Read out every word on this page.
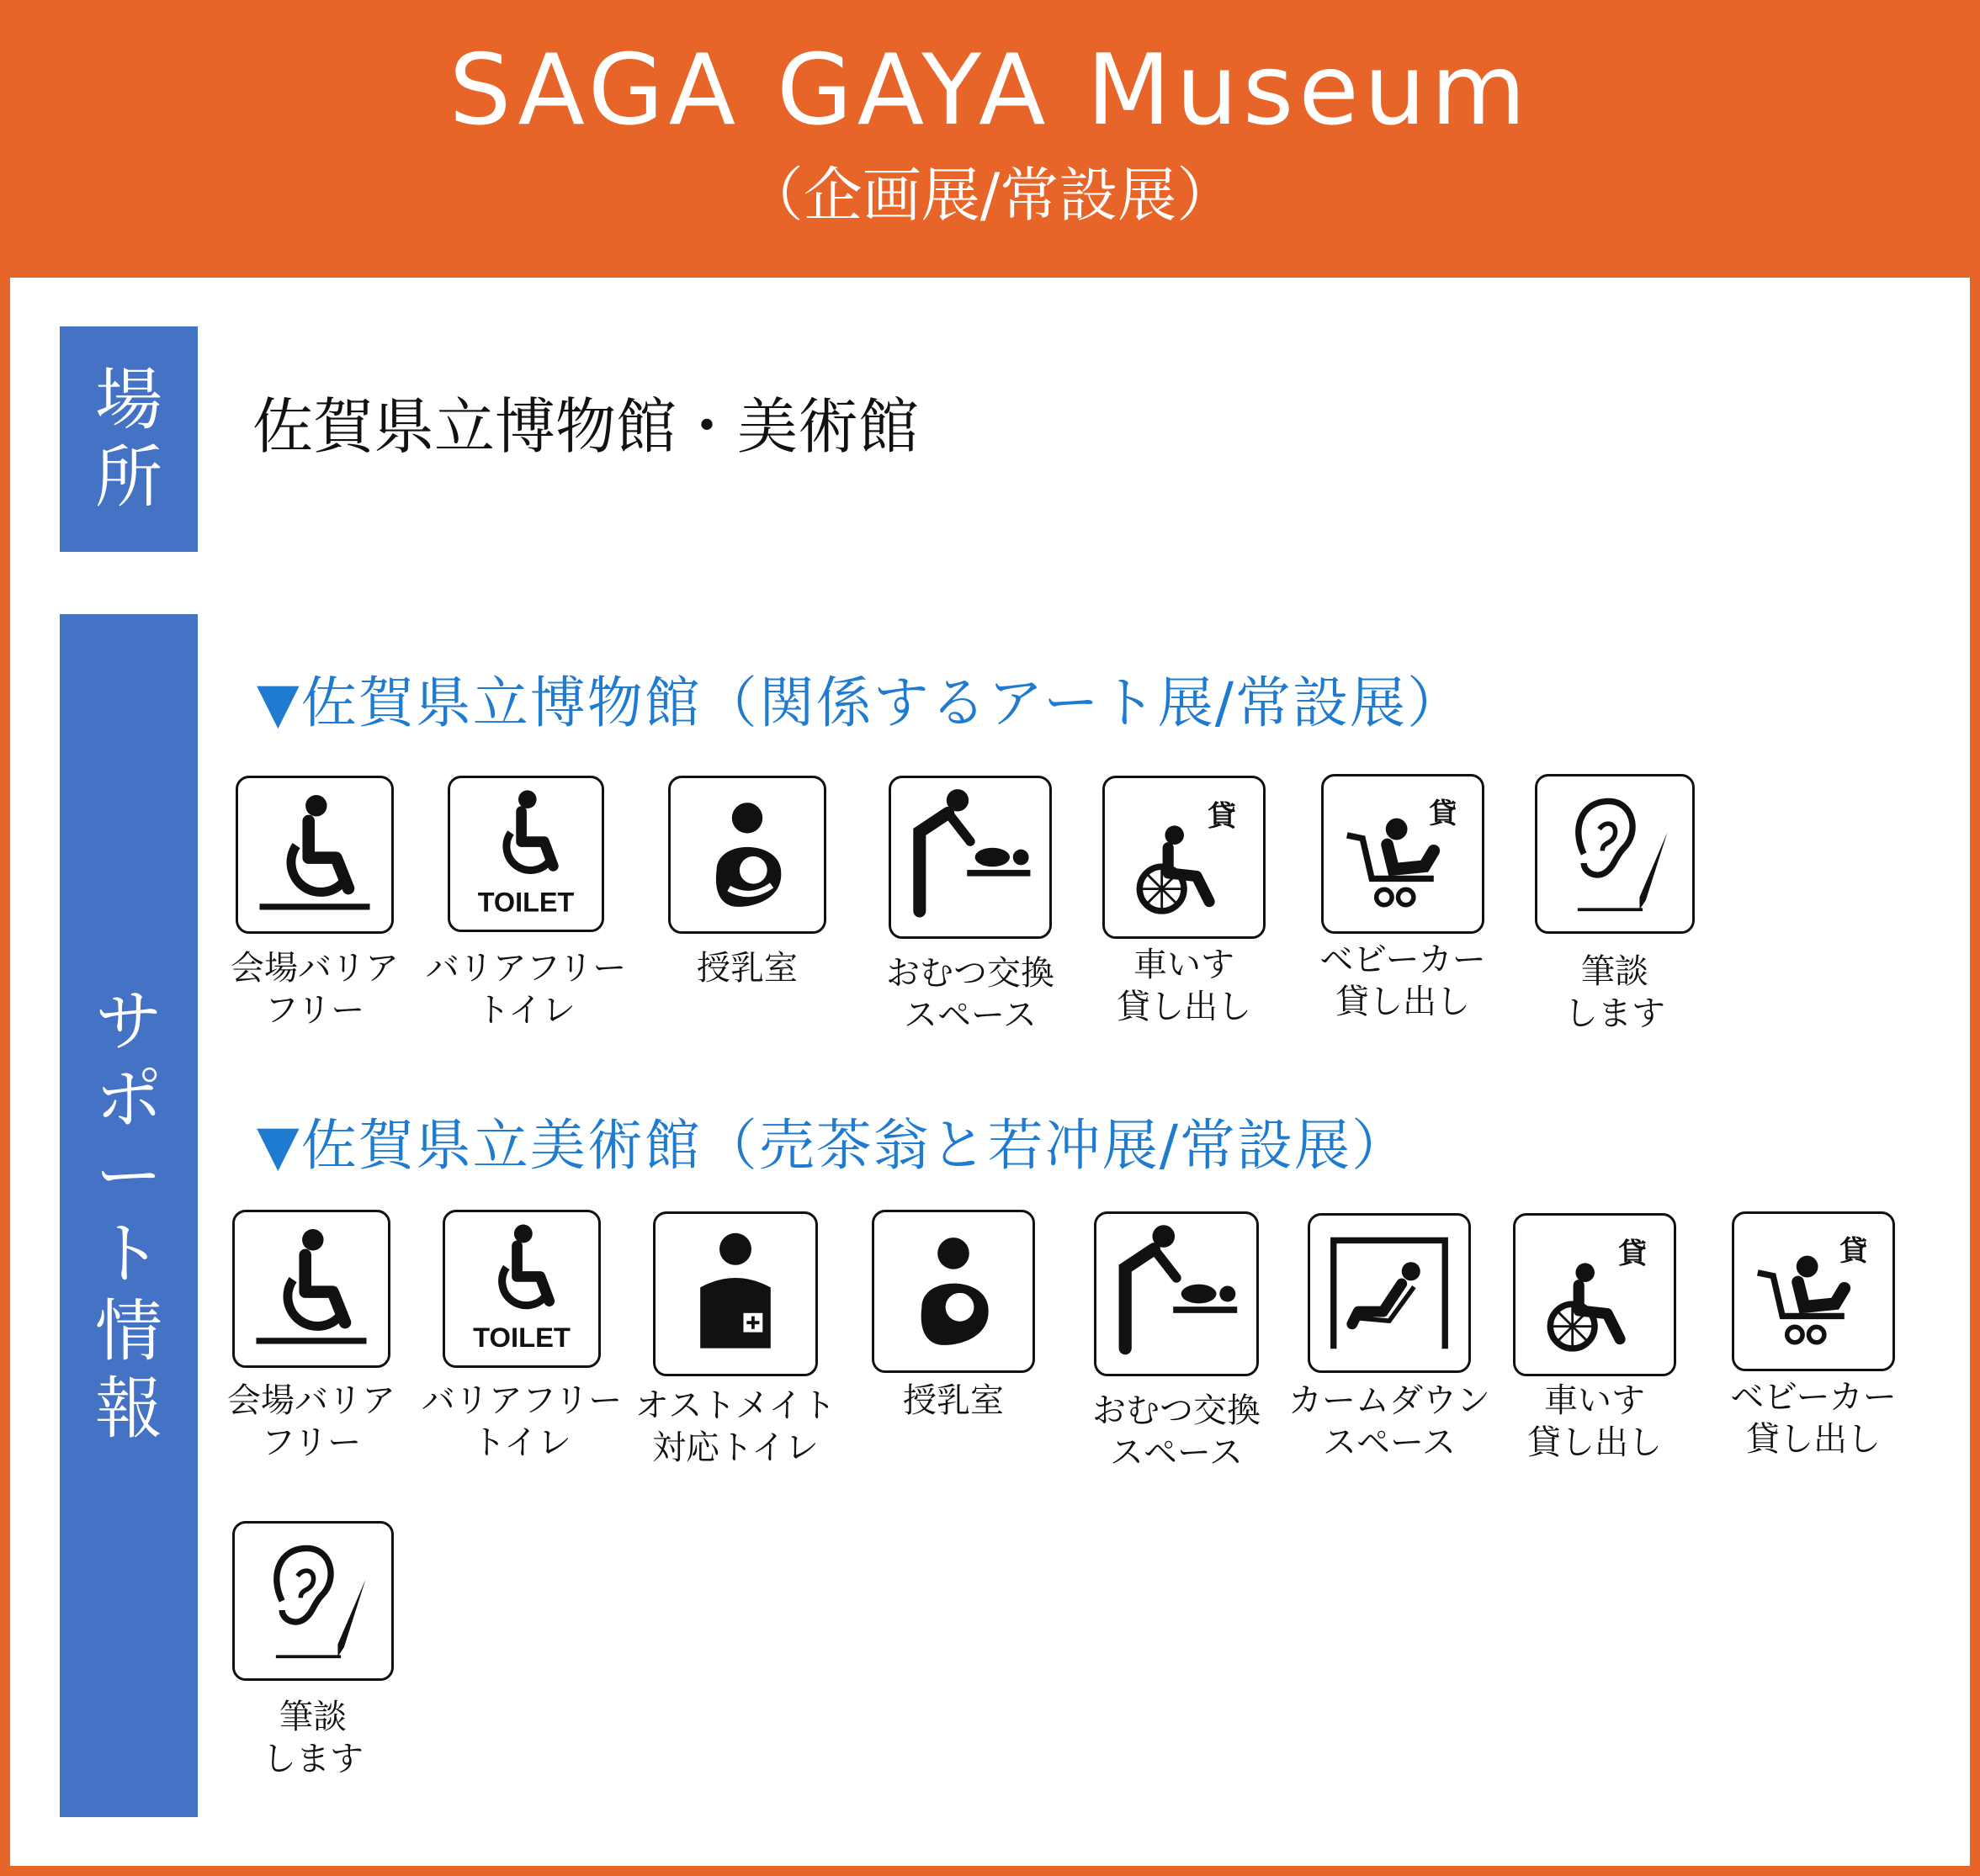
SAGA GAYA Museum
（企画展/常設展）
場所
佐賀県立博物館・美術館
サポート情報
▼佐賀県立博物館（関係するアート展/常設展）
会場バリア
フリー
TOILET
バリアフリー
トイレ
授乳室	おむつ交換
スペース
貸
車いす
貸し出し
貸
ベビーカー
貸し出し
筆談
します
▼佐賀県立美術館（売茶翁と若冲展/常設展）
会場バリア
フリー
TOILET
バリアフリー
トイレ
オストメイト
対応トイレ
授乳室	おむつ交換
スペース
カームダウン
スペース
貸
車いす
貸し出し
貸
ベビーカー
貸し出し
筆談
します
